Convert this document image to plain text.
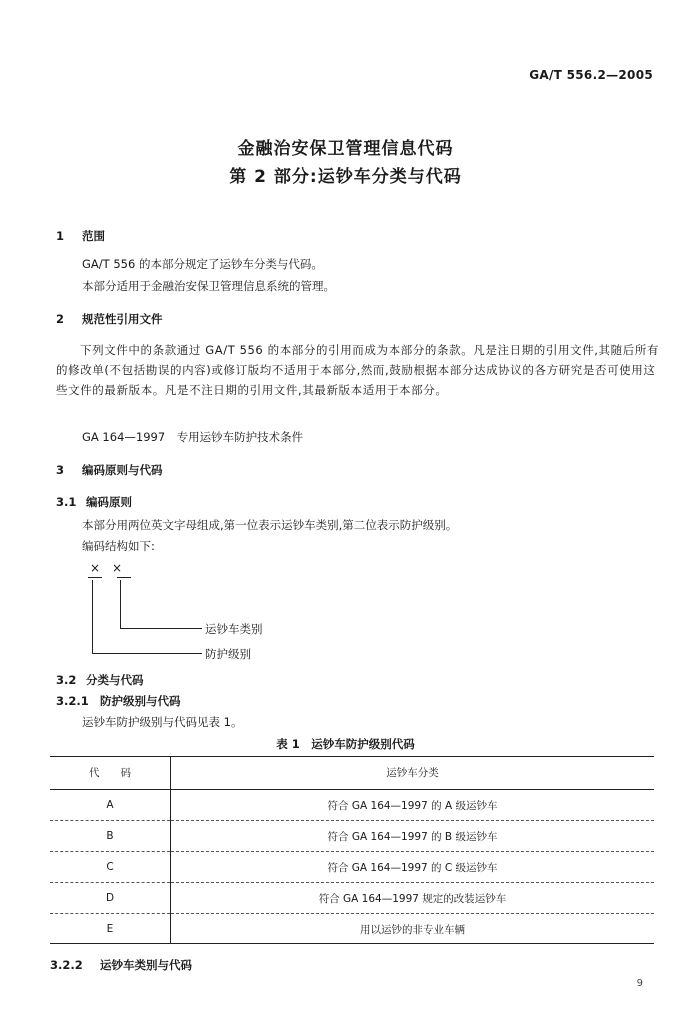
GA/T 556.2—2005
金融治安保卫管理信息代码
第 2 部分:运钞车分类与代码
1 范围
GA/T 556 的本部分规定了运钞车分类与代码。
本部分适用于金融治安保卫管理信息系统的管理。
2 规范性引用文件
下列文件中的条款通过 GA/T 556 的本部分的引用而成为本部分的条款。凡是注日期的引用文件,其随后所有的修改单(不包括勘误的内容)或修订版均不适用于本部分,然而,鼓励根据本部分达成协议的各方研究是否可使用这些文件的最新版本。凡是不注日期的引用文件,其最新版本适用于本部分。
GA 164—1997　专用运钞车防护技术条件
3 编码原则与代码
3.1 编码原则
本部分用两位英文字母组成,第一位表示运钞车类别,第二位表示防护级别。
编码结构如下:
×　×
运钞车类别
防护级别
3.2 分类与代码
3.2.1 防护级别与代码
运钞车防护级别与代码见表 1。
表 1　运钞车防护级别代码
代　　码	运钞车分类
A	符合 GA 164—1997 的 A 级运钞车
B	符合 GA 164—1997 的 B 级运钞车
C	符合 GA 164—1997 的 C 级运钞车
D	符合 GA 164—1997 规定的改装运钞车
E	用以运钞的非专业车辆
3.2.2 运钞车类别与代码
9
